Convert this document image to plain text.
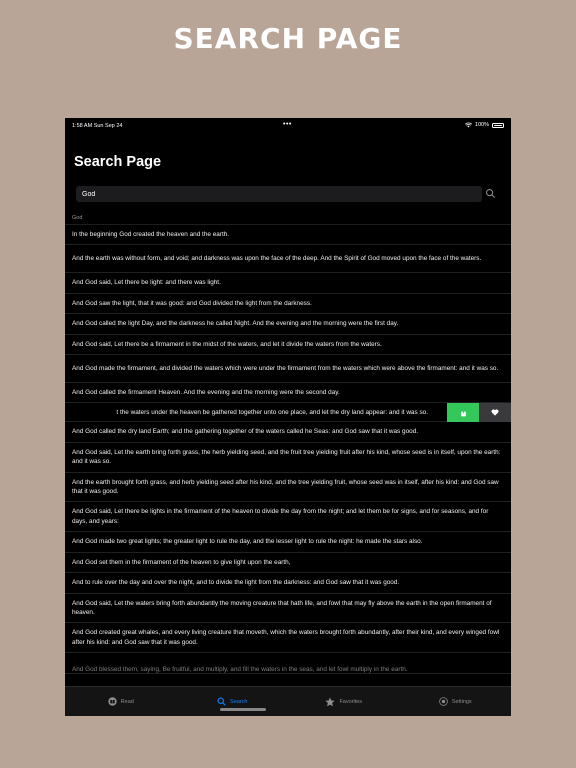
SEARCH PAGE
1:58 AM Sun Sep 24	•••	100%
Search Page
God
God
In the beginning God created the heaven and the earth.
And the earth was without form, and void; and darkness was upon the face of the deep. And the Spirit of God moved upon the face of the waters.
And God said, Let there be light: and there was light.
And God saw the light, that it was good: and God divided the light from the darkness.
And God called the light Day, and the darkness he called Night. And the evening and the morning were the first day.
And God said, Let there be a firmament in the midst of the waters, and let it divide the waters from the waters.
And God made the firmament, and divided the waters which were under the firmament from the waters which were above the firmament: and it was so.
And God called the firmament Heaven. And the evening and the morning were the second day.
t the waters under the heaven be gathered together unto one place, and let the dry land appear: and it was so.
And God called the dry land Earth; and the gathering together of the waters called he Seas: and God saw that it was good.
And God said, Let the earth bring forth grass, the herb yielding seed, and the fruit tree yielding fruit after his kind, whose seed is in itself, upon the earth: and it was so.
And the earth brought forth grass, and herb yielding seed after his kind, and the tree yielding fruit, whose seed was in itself, after his kind: and God saw that it was good.
And God said, Let there be lights in the firmament of the heaven to divide the day from the night; and let them be for signs, and for seasons, and for days, and years:
And God made two great lights; the greater light to rule the day, and the lesser light to rule the night: he made the stars also.
And God set them in the firmament of the heaven to give light upon the earth,
And to rule over the day and over the night, and to divide the light from the darkness: and God saw that it was good.
And God said, Let the waters bring forth abundantly the moving creature that hath life, and fowl that may fly above the earth in the open firmament of heaven.
And God created great whales, and every living creature that moveth, which the waters brought forth abundantly, after their kind, and every winged fowl after his kind: and God saw that it was good.
And God blessed them, saying, Be fruitful, and multiply, and fill the waters in the seas, and let fowl multiply in the earth.
Read	Search	Favorites	Settings
